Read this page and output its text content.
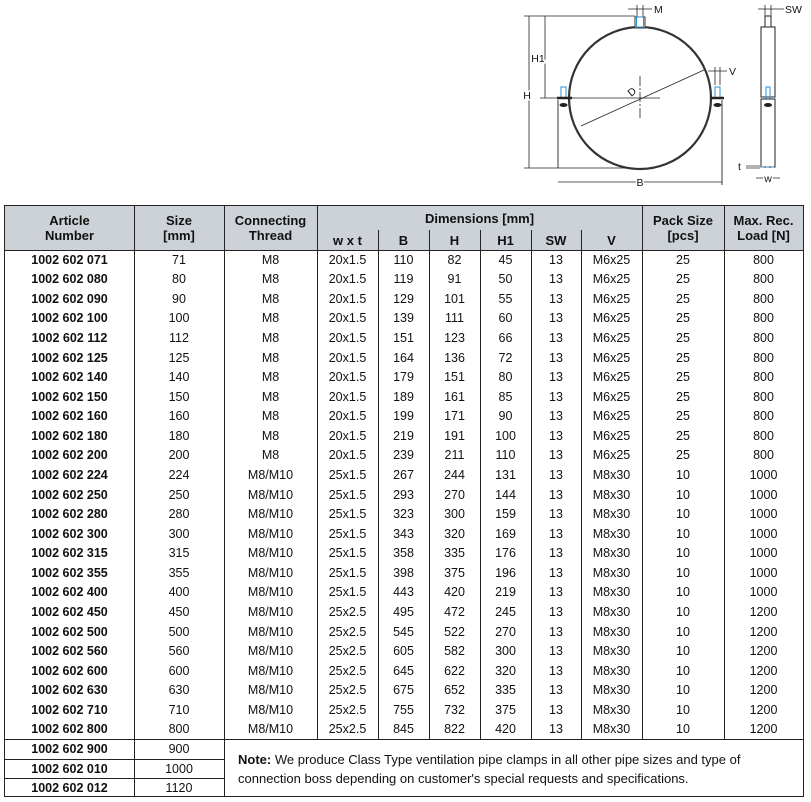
M
D
V
H1
H
B
SW
t
w
Article
Number
Size
[mm]
Connecting
Thread
Dimensions [mm]
w x t	B	H	H1	SW	V
Pack Size
[pcs]
Max. Rec.
Load [N]
1002 602 071	71	M8	20x1.5	110	82	45	13	M6x25	25	800
1002 602 080	80	M8	20x1.5	119	91	50	13	M6x25	25	800
1002 602 090	90	M8	20x1.5	129	101	55	13	M6x25	25	800
1002 602 100	100	M8	20x1.5	139	111	60	13	M6x25	25	800
1002 602 112	112	M8	20x1.5	151	123	66	13	M6x25	25	800
1002 602 125	125	M8	20x1.5	164	136	72	13	M6x25	25	800
1002 602 140	140	M8	20x1.5	179	151	80	13	M6x25	25	800
1002 602 150	150	M8	20x1.5	189	161	85	13	M6x25	25	800
1002 602 160	160	M8	20x1.5	199	171	90	13	M6x25	25	800
1002 602 180	180	M8	20x1.5	219	191	100	13	M6x25	25	800
1002 602 200	200	M8	20x1.5	239	211	110	13	M6x25	25	800
1002 602 224	224	M8/M10	25x1.5	267	244	131	13	M8x30	10	1000
1002 602 250	250	M8/M10	25x1.5	293	270	144	13	M8x30	10	1000
1002 602 280	280	M8/M10	25x1.5	323	300	159	13	M8x30	10	1000
1002 602 300	300	M8/M10	25x1.5	343	320	169	13	M8x30	10	1000
1002 602 315	315	M8/M10	25x1.5	358	335	176	13	M8x30	10	1000
1002 602 355	355	M8/M10	25x1.5	398	375	196	13	M8x30	10	1000
1002 602 400	400	M8/M10	25x1.5	443	420	219	13	M8x30	10	1000
1002 602 450	450	M8/M10	25x2.5	495	472	245	13	M8x30	10	1200
1002 602 500	500	M8/M10	25x2.5	545	522	270	13	M8x30	10	1200
1002 602 560	560	M8/M10	25x2.5	605	582	300	13	M8x30	10	1200
1002 602 600	600	M8/M10	25x2.5	645	622	320	13	M8x30	10	1200
1002 602 630	630	M8/M10	25x2.5	675	652	335	13	M8x30	10	1200
1002 602 710	710	M8/M10	25x2.5	755	732	375	13	M8x30	10	1200
1002 602 800	800	M8/M10	25x2.5	845	822	420	13	M8x30	10	1200
1002 602 900	900
1002 602 010	1000
1002 602 012	1120
Note: We produce Class Type ventilation pipe clamps in all other pipe sizes and type of connection boss depending on customer's special requests and specifications.
